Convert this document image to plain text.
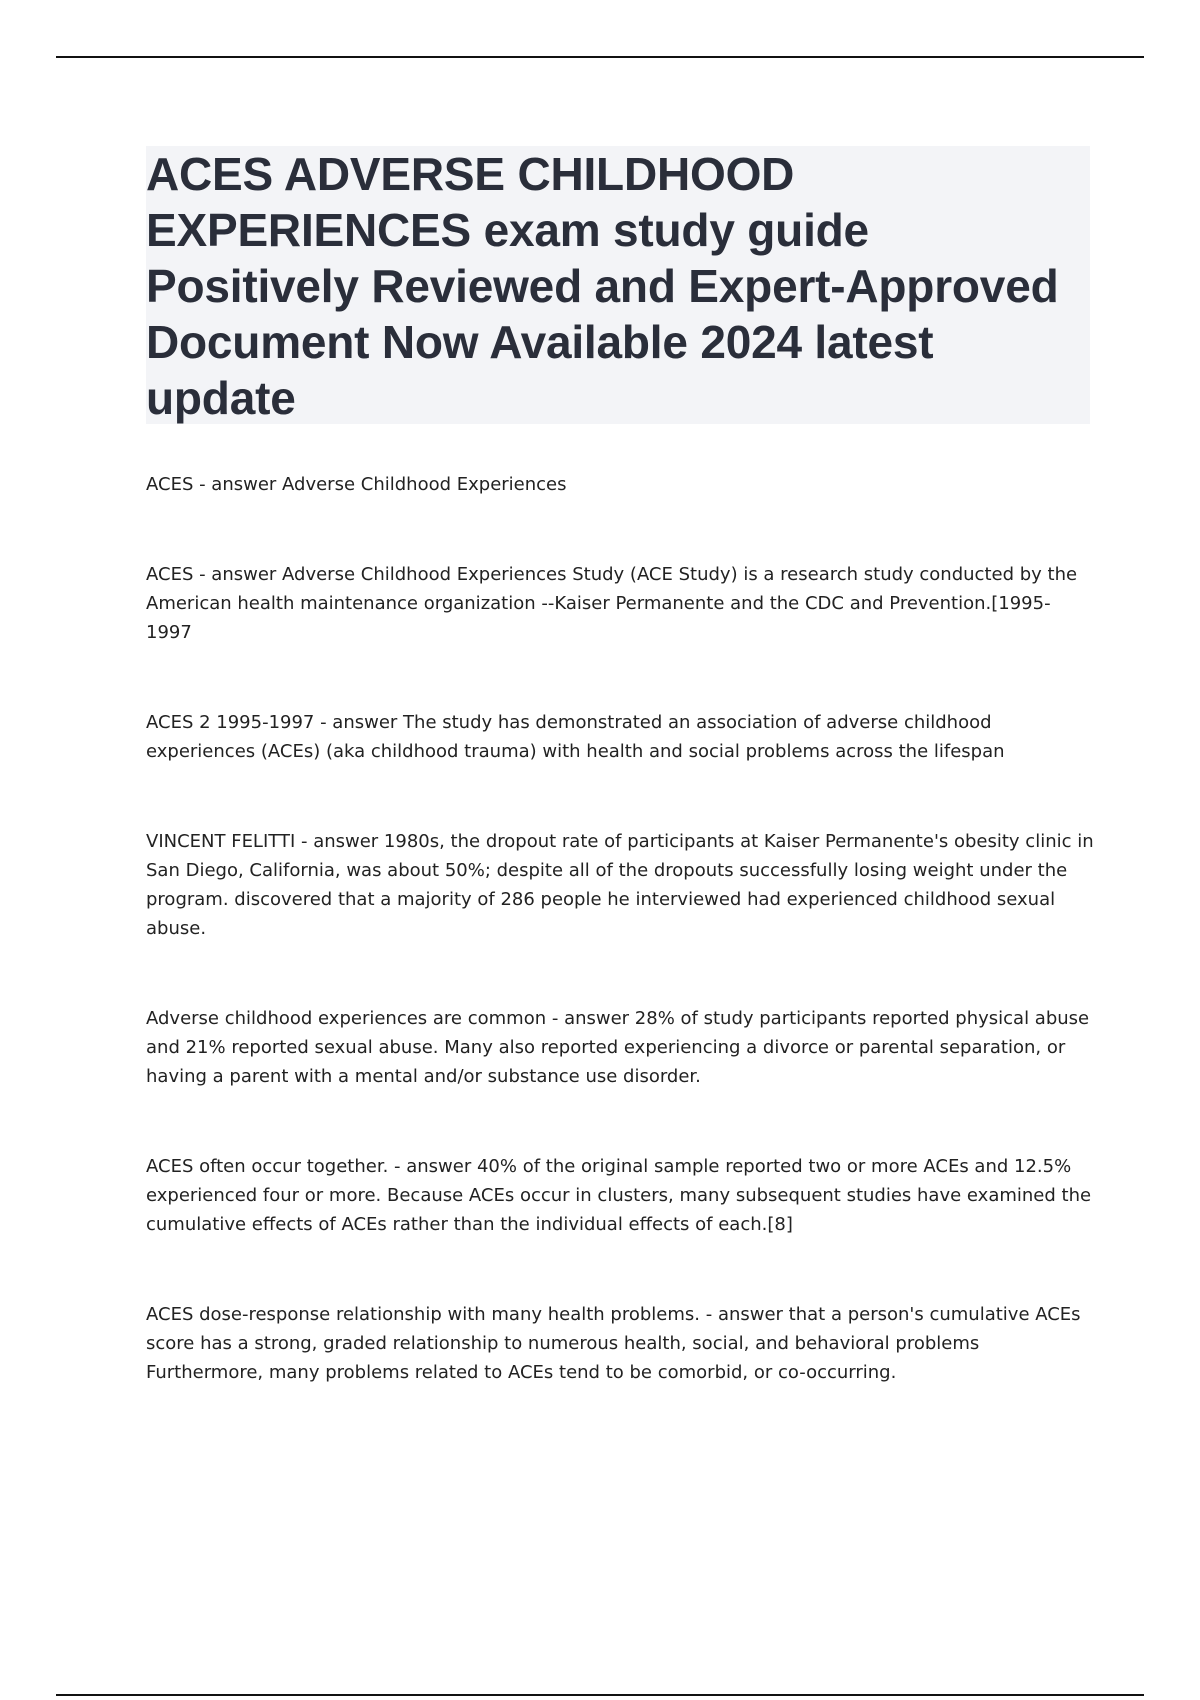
ACES ADVERSE CHILDHOOD EXPERIENCES exam study guide Positively Reviewed and Expert-Approved Document Now Available 2024 latest update

ACES - answer Adverse Childhood Experiences

ACES - answer Adverse Childhood Experiences Study (ACE Study) is a research study conducted by the American health maintenance organization --Kaiser Permanente and the CDC and Prevention.[1995-1997

ACES 2 1995-1997 - answer The study has demonstrated an association of adverse childhood experiences (ACEs) (aka childhood trauma) with health and social problems across the lifespan

VINCENT FELITTI - answer 1980s, the dropout rate of participants at Kaiser Permanente's obesity clinic in San Diego, California, was about 50%; despite all of the dropouts successfully losing weight under the program. discovered that a majority of 286 people he interviewed had experienced childhood sexual abuse.

Adverse childhood experiences are common - answer 28% of study participants reported physical abuse and 21% reported sexual abuse. Many also reported experiencing a divorce or parental separation, or having a parent with a mental and/or substance use disorder.

ACES often occur together. - answer 40% of the original sample reported two or more ACEs and 12.5% experienced four or more. Because ACEs occur in clusters, many subsequent studies have examined the cumulative effects of ACEs rather than the individual effects of each.[8]

ACES dose-response relationship with many health problems. - answer that a person's cumulative ACEs score has a strong, graded relationship to numerous health, social, and behavioral problems Furthermore, many problems related to ACEs tend to be comorbid, or co-occurring.
